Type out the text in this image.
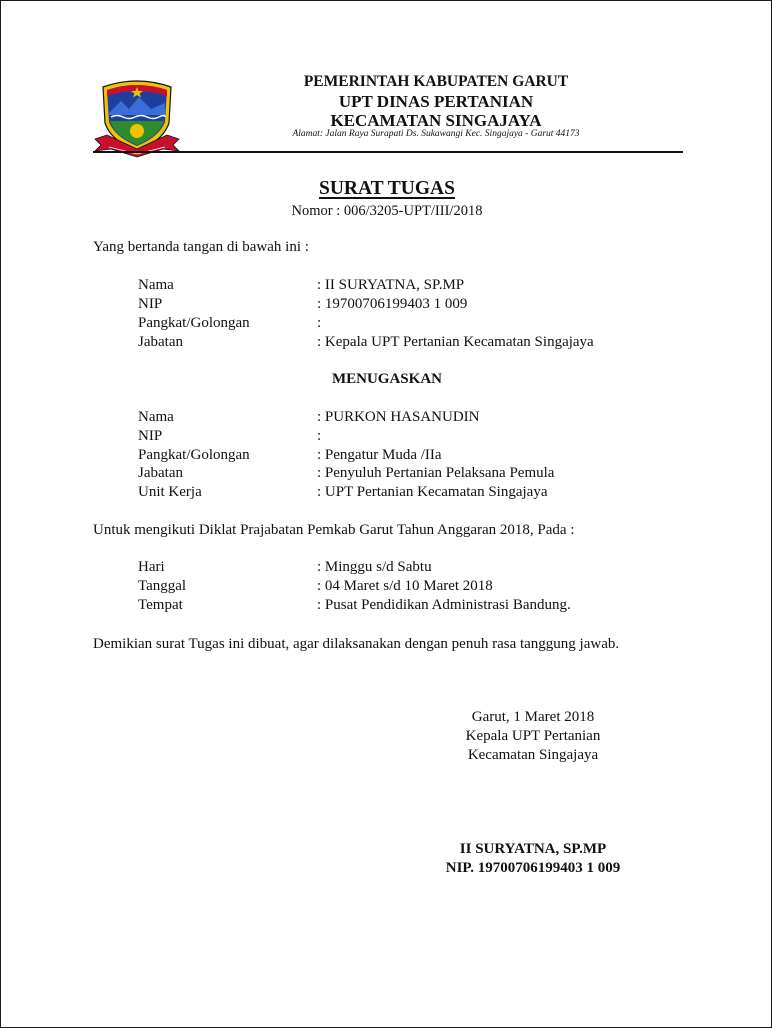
PEMERINTAH KABUPATEN GARUT
UPT DINAS PERTANIAN
KECAMATAN SINGAJAYA
Alamat: Jalan Raya Surapati Ds. Sukawangi Kec. Singajaya - Garut 44173
SURAT TUGAS
Nomor : 006/3205-UPT/III/2018
Yang bertanda tangan di bawah ini :
Nama	: II SURYATNA, SP.MP
NIP	: 19700706199403 1 009
Pangkat/Golongan	:
Jabatan	: Kepala UPT Pertanian Kecamatan Singajaya
MENUGASKAN
Nama	: PURKON HASANUDIN
NIP	:
Pangkat/Golongan	: Pengatur Muda /IIa
Jabatan	: Penyuluh Pertanian Pelaksana Pemula
Unit Kerja	: UPT Pertanian Kecamatan Singajaya
Untuk mengikuti Diklat Prajabatan Pemkab Garut Tahun Anggaran 2018, Pada :
Hari	: Minggu s/d Sabtu
Tanggal	: 04 Maret s/d 10 Maret 2018
Tempat	: Pusat Pendidikan Administrasi Bandung.
Demikian surat Tugas ini dibuat, agar dilaksanakan dengan penuh rasa tanggung jawab.
Garut, 1 Maret 2018
Kepala UPT Pertanian
Kecamatan Singajaya
II SURYATNA, SP.MP
NIP. 19700706199403 1 009
